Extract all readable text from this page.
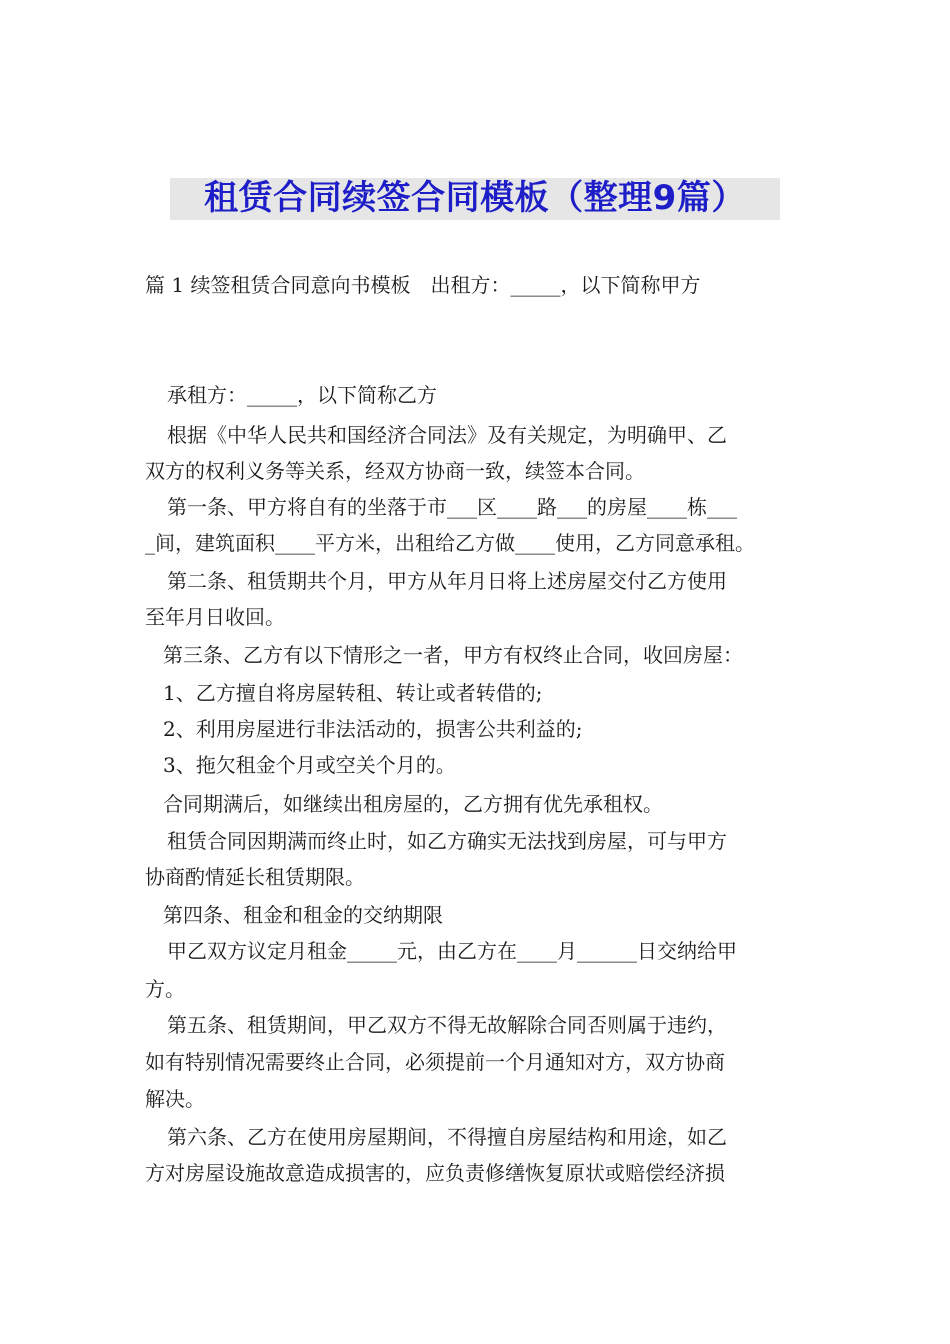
租赁合同续签合同模板（整理9篇）
篇 1 续签租赁合同意向书模板　出租方：_____，以下简称甲方
承租方：_____，以下简称乙方
根据《中华人民共和国经济合同法》及有关规定，为明确甲、乙
双方的权利义务等关系，经双方协商一致，续签本合同。
第一条、甲方将自有的坐落于市___区____路___的房屋____栋___
_间，建筑面积____平方米，出租给乙方做____使用，乙方同意承租。
第二条、租赁期共个月，甲方从年月日将上述房屋交付乙方使用
至年月日收回。
第三条、乙方有以下情形之一者，甲方有权终止合同，收回房屋：
1、乙方擅自将房屋转租、转让或者转借的;
2、利用房屋进行非法活动的，损害公共利益的;
3、拖欠租金个月或空关个月的。
合同期满后，如继续出租房屋的，乙方拥有优先承租权。
租赁合同因期满而终止时，如乙方确实无法找到房屋，可与甲方
协商酌情延长租赁期限。
第四条、租金和租金的交纳期限
甲乙双方议定月租金_____元，由乙方在____月______日交纳给甲
方。
第五条、租赁期间，甲乙双方不得无故解除合同否则属于违约，
如有特别情况需要终止合同，必须提前一个月通知对方，双方协商
解决。
第六条、乙方在使用房屋期间，不得擅自房屋结构和用途，如乙
方对房屋设施故意造成损害的，应负责修缮恢复原状或赔偿经济损
